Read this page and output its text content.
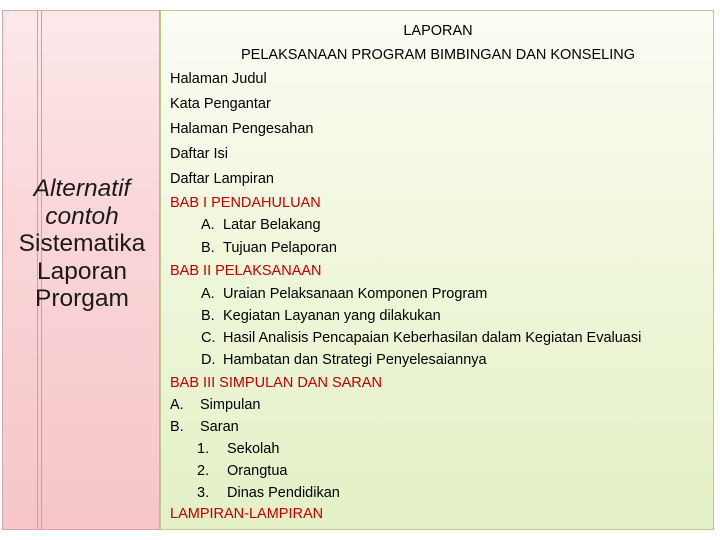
Alternatif
contoh
Sistematika
Laporan
Prorgam
LAPORAN
PELAKSANAAN PROGRAM BIMBINGAN DAN KONSELING
Halaman Judul
Kata Pengantar
Halaman Pengesahan
Daftar Isi
Daftar Lampiran
BAB I PENDAHULUAN
A. Latar Belakang
B. Tujuan Pelaporan
BAB II PELAKSANAAN
A. Uraian Pelaksanaan Komponen Program
B. Kegiatan Layanan yang dilakukan
C. Hasil Analisis Pencapaian Keberhasilan dalam Kegiatan Evaluasi
D. Hambatan dan Strategi Penyelesaiannya
BAB III SIMPULAN DAN SARAN
A. Simpulan
B. Saran
1. Sekolah
2. Orangtua
3. Dinas Pendidikan
LAMPIRAN-LAMPIRAN
